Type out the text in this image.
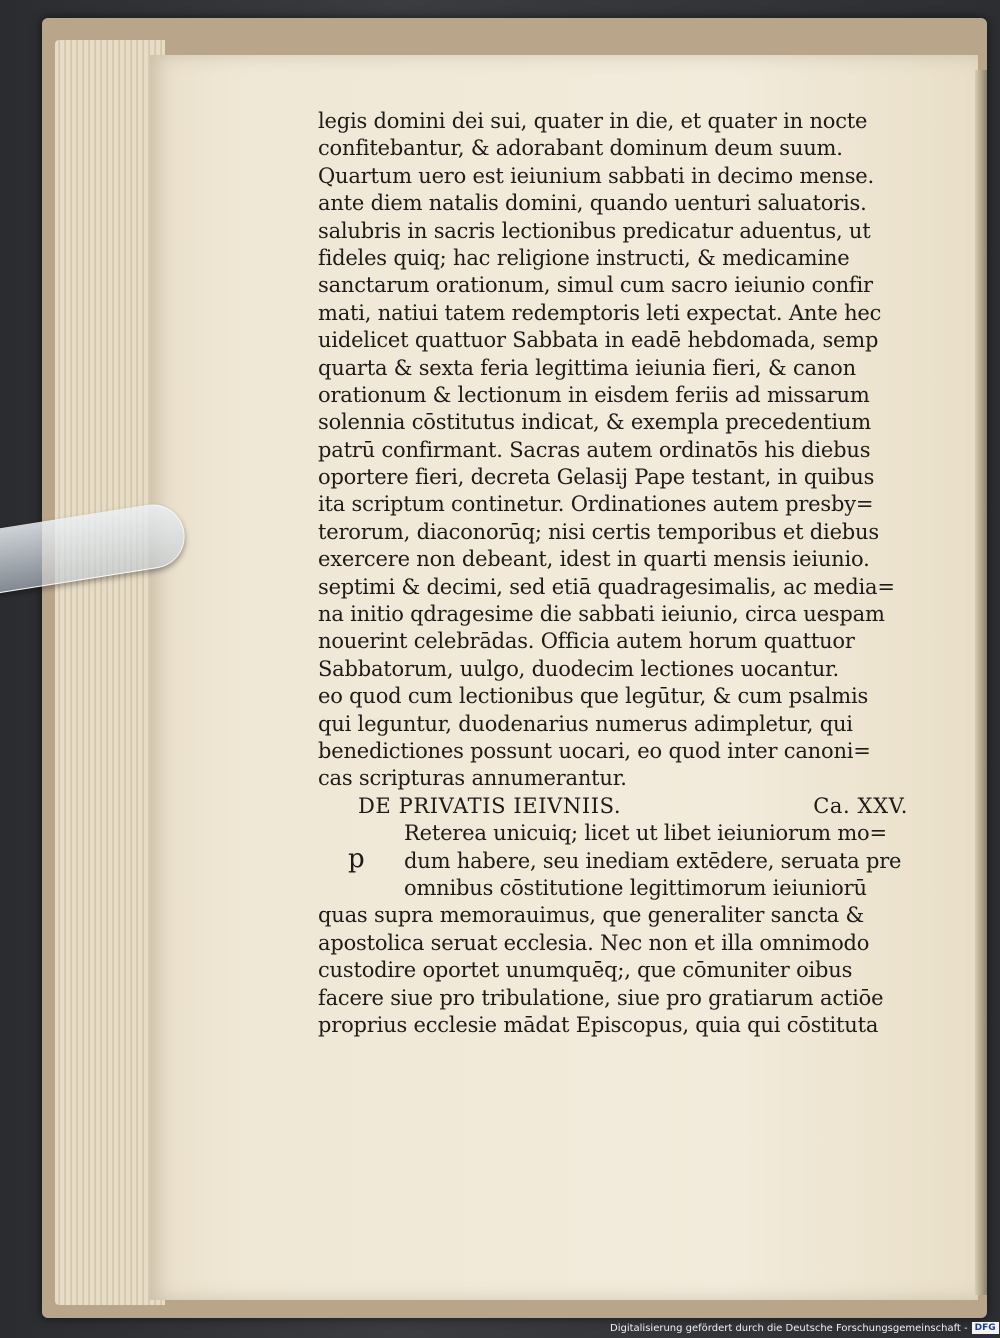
legis domini dei sui, quater in die, et quater in nocte
confitebantur, & adorabant dominum deum suum.
Quartum uero est ieiunium sabbati in decimo mense.
ante diem natalis domini, quando uenturi saluatoris.
salubris in sacris lectionibus predicatur aduentus, ut
fideles quiq; hac religione instructi, & medicamine
sanctarum orationum, simul cum sacro ieiunio confir
mati, natiui tatem redemptoris leti expectat. Ante hec
uidelicet quattuor Sabbata in eadē hebdomada, semp
quarta & sexta feria legittima ieiunia fieri, & canon
orationum & lectionum in eisdem feriis ad missarum
solennia cōstitutus indicat, & exempla precedentium
patrū confirmant. Sacras autem ordinatōs his diebus
oportere fieri, decreta Gelasij Pape testant, in quibus
ita scriptum continetur. Ordinationes autem presby=
terorum, diaconorūq; nisi certis temporibus et diebus
exercere non debeant, idest in quarti mensis ieiunio.
septimi & decimi, sed etiā quadragesimalis, ac media=
na initio qdragesime die sabbati ieiunio, circa uespam
nouerint celebrādas. Officia autem horum quattuor
Sabbatorum, uulgo, duodecim lectiones uocantur.
eo quod cum lectionibus que legūtur, & cum psalmis
qui leguntur, duodenarius numerus adimpletur, qui
benedictiones possunt uocari, eo quod inter canoni=
cas scripturas annumerantur.
DE PRIVATIS IEIVNIIS.	Ca. XXV.
p
Reterea unicuiq; licet ut libet ieiuniorum mo=
dum habere, seu inediam extēdere, seruata pre
omnibus cōstitutione legittimorum ieiuniorū
quas supra memorauimus, que generaliter sancta &
apostolica seruat ecclesia. Nec non et illa omnimodo
custodire oportet unumquēq;, que cōmuniter oibus
facere siue pro tribulatione, siue pro gratiarum actiōe
proprius ecclesie mādat Episcopus, quia qui cōstituta
Digitalisierung gefördert durch die Deutsche Forschungsgemeinschaft - DFG
